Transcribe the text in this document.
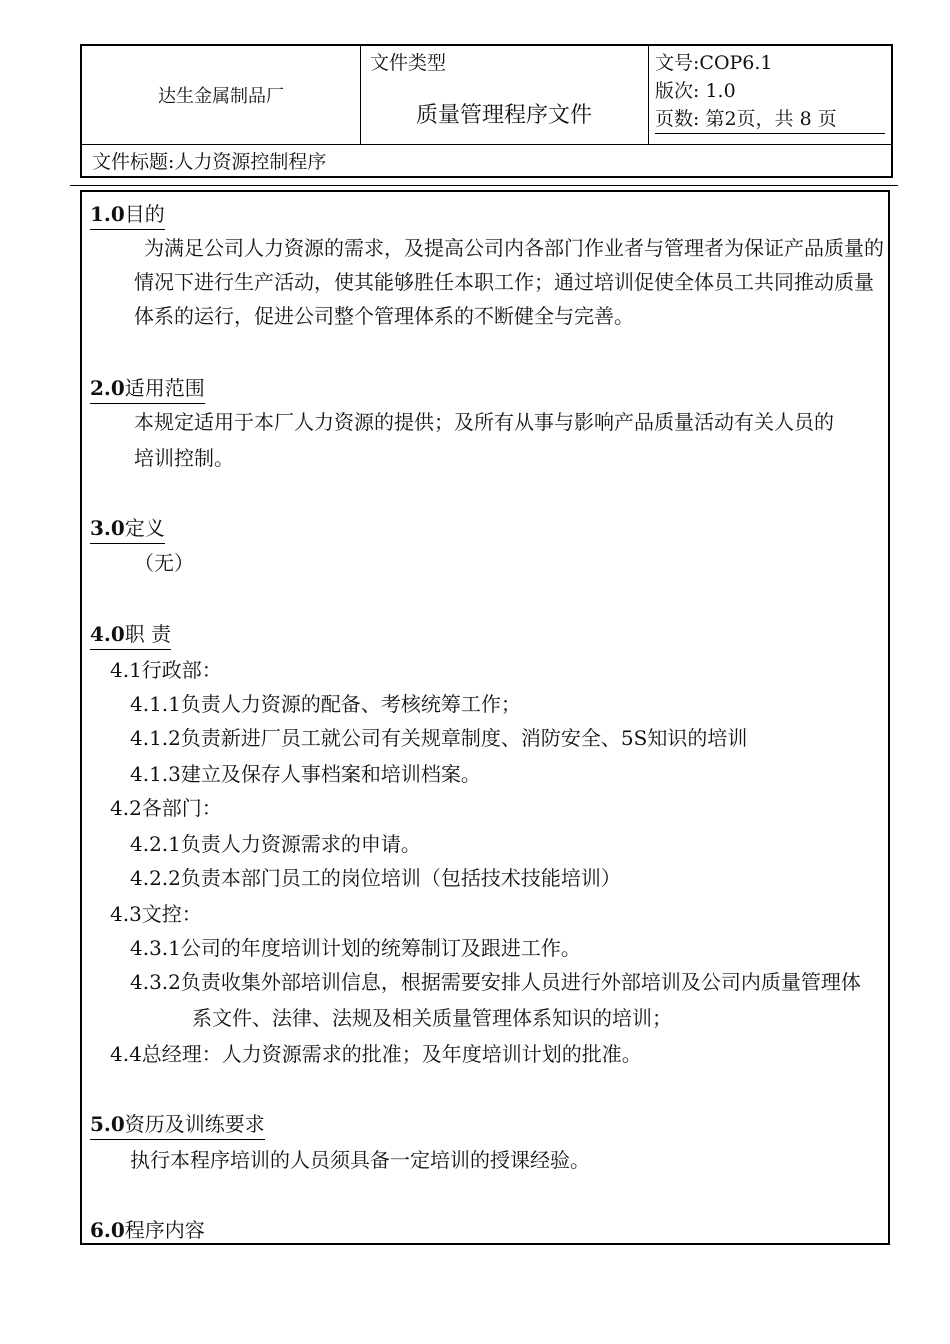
达生金属制品厂
文件类型
质量管理程序文件
文号:COP6.1
版次: 1.0
页数: 第2页，共 8 页
文件标题:人力资源控制程序
1.0目的
为满足公司人力资源的需求，及提高公司内各部门作业者与管理者为保证产品质量的
情况下进行生产活动，使其能够胜任本职工作；通过培训促使全体员工共同推动质量
体系的运行，促进公司整个管理体系的不断健全与完善。
2.0适用范围
本规定适用于本厂人力资源的提供；及所有从事与影响产品质量活动有关人员的
培训控制。
3.0定义
（无）
4.0职 责
4.1行政部：
4.1.1负责人力资源的配备、考核统筹工作；
4.1.2负责新进厂员工就公司有关规章制度、消防安全、5S知识的培训
4.1.3建立及保存人事档案和培训档案。
4.2各部门：
4.2.1负责人力资源需求的申请。
4.2.2负责本部门员工的岗位培训（包括技术技能培训）
4.3文控：
4.3.1公司的年度培训计划的统筹制订及跟进工作。
4.3.2负责收集外部培训信息，根据需要安排人员进行外部培训及公司内质量管理体
系文件、法律、法规及相关质量管理体系知识的培训；
4.4总经理：人力资源需求的批准；及年度培训计划的批准。
5.0资历及训练要求
执行本程序培训的人员须具备一定培训的授课经验。
6.0程序内容
